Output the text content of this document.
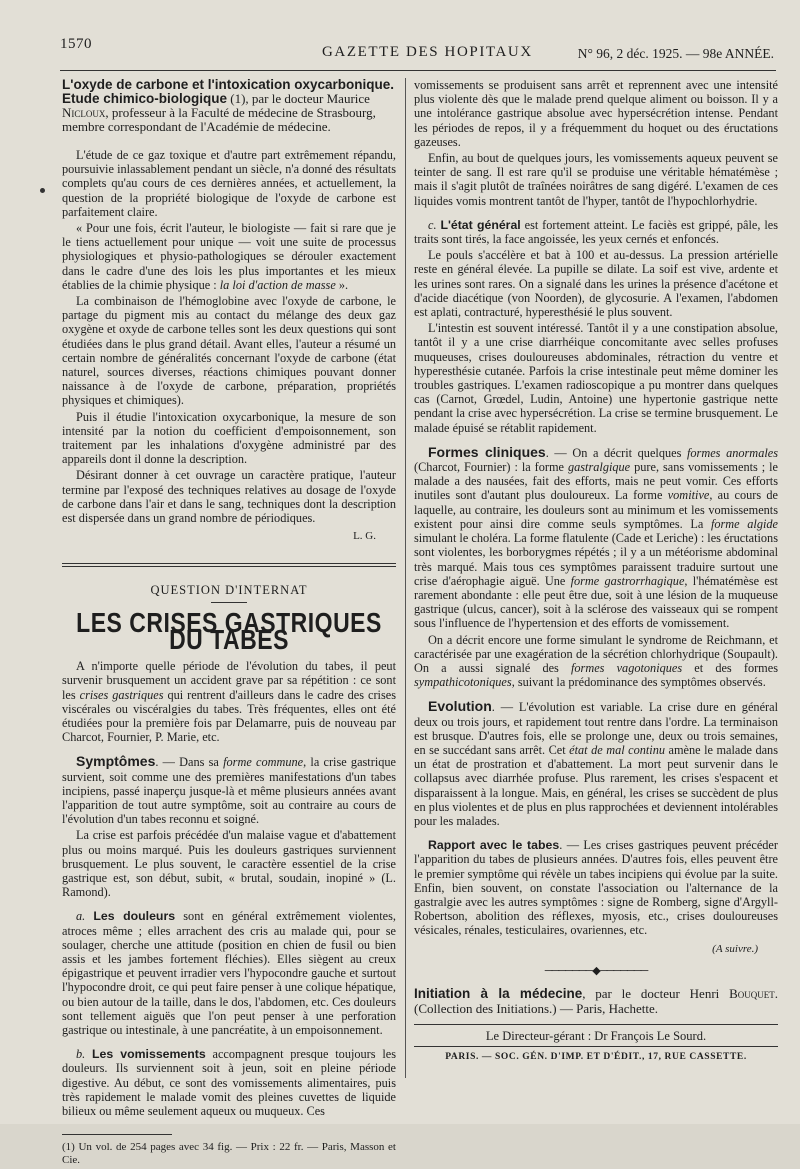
1570	GAZETTE DES HOPITAUX	N° 96, 2 déc. 1925. — 98e ANNÉE.

L'oxyde de carbone et l'intoxication oxycarbonique. Etude chimico-biologique (1), par le docteur Maurice Nicloux, professeur à la Faculté de médecine de Strasbourg, membre correspondant de l'Académie de médecine.

L'étude de ce gaz toxique et d'autre part extrêmement répandu, poursuivie inlassablement pendant un siècle, n'a donné des résultats complets qu'au cours de ces dernières années, et actuellement, la question de la propriété biologique de l'oxyde de carbone est parfaitement claire.

« Pour une fois, écrit l'auteur, le biologiste — fait si rare que je le tiens actuellement pour unique — voit une suite de processus physiologiques et physio-pathologiques se dérouler exactement dans le cadre d'une des lois les plus importantes et les mieux établies de la chimie physique : la loi d'action de masse ».

La combinaison de l'hémoglobine avec l'oxyde de carbone, le partage du pigment mis au contact du mélange des deux gaz oxygène et oxyde de carbone telles sont les deux questions qui sont étudiées dans le plus grand détail. Avant elles, l'auteur a résumé un certain nombre de généralités concernant l'oxyde de carbone (état naturel, sources diverses, réactions chimiques pouvant donner naissance à de l'oxyde de carbone, préparation, propriétés physiques et chimiques).

Puis il étudie l'intoxication oxycarbonique, la mesure de son intensité par la notion du coefficient d'empoisonnement, son traitement par les inhalations d'oxygène administré par des appareils dont il donne la description.

Désirant donner à cet ouvrage un caractère pratique, l'auteur termine par l'exposé des techniques relatives au dosage de l'oxyde de carbone dans l'air et dans le sang, techniques dont la description est dispersée dans un grand nombre de périodiques.

L. G.
QUESTION D'INTERNAT
LES CRISES GASTRIQUES DU TABES

A n'importe quelle période de l'évolution du tabes, il peut survenir brusquement un accident grave par sa répétition : ce sont les crises gastriques qui rentrent d'ailleurs dans le cadre des crises viscérales ou viscéralgies du tabes. Très fréquentes, elles ont été étudiées pour la première fois par Delamarre, puis de nouveau par Charcot, Fournier, P. Marie, etc.

Symptômes. — Dans sa forme commune, la crise gastrique survient, soit comme une des premières manifestations d'un tabes incipiens, passé inaperçu jusque-là et même plusieurs années avant l'apparition de tout autre symptôme, soit au contraire au cours de l'évolution d'un tabes reconnu et soigné.

La crise est parfois précédée d'un malaise vague et d'abattement plus ou moins marqué. Puis les douleurs gastriques surviennent brusquement. Le plus souvent, le caractère essentiel de la crise gastrique est, son début, subit, « brutal, soudain, inopiné » (L. Ramond).

a. Les douleurs sont en général extrêmement violentes, atroces même ; elles arrachent des cris au malade qui, pour se soulager, cherche une attitude (position en chien de fusil ou bien assis et les jambes fortement fléchies). Elles siègent au creux épigastrique et peuvent irradier vers l'hypocondre gauche et surtout l'hypocondre droit, ce qui peut faire penser à une colique hépatique, ou bien autour de la taille, dans le dos, l'abdomen, etc. Ces douleurs sont tellement aiguës que l'on peut penser à une perforation gastrique ou intestinale, à une pancréatite, à un empoisonnement.

b. Les vomissements accompagnent presque toujours les douleurs. Ils surviennent soit à jeun, soit en pleine période digestive. Au début, ce sont des vomissements alimentaires, puis très rapidement le malade vomit des pleines cuvettes de liquide bilieux ou même seulement aqueux ou muqueux. Ces

(1) Un vol. de 254 pages avec 34 fig. — Prix : 22 fr. — Paris, Masson et Cie.

vomissements se produisent sans arrêt et reprennent avec une intensité plus violente dès que le malade prend quelque aliment ou boisson. Il y a une intolérance gastrique absolue avec hypersécrétion intense. Pendant les périodes de repos, il y a fréquemment du hoquet ou des éructations gazeuses.

Enfin, au bout de quelques jours, les vomissements aqueux peuvent se teinter de sang. Il est rare qu'il se produise une véritable hématémèse ; mais il s'agit plutôt de traînées noirâtres de sang digéré. L'examen de ces liquides vomis montrent tantôt de l'hyper, tantôt de l'hypochlorhydrie.

c. L'état général est fortement atteint. Le faciès est grippé, pâle, les traits sont tirés, la face angoissée, les yeux cernés et enfoncés.

Le pouls s'accélère et bat à 100 et au-dessus. La pression artérielle reste en général élevée. La pupille se dilate. La soif est vive, ardente et les urines sont rares. On a signalé dans les urines la présence d'acétone et d'acide diacétique (von Noorden), de glycosurie. A l'examen, l'abdomen est aplati, contracturé, hyperesthésié le plus souvent.

L'intestin est souvent intéressé. Tantôt il y a une constipation absolue, tantôt il y a une crise diarrhéique concomitante avec selles profuses muqueuses, crises douloureuses abdominales, rétraction du ventre et hyperesthésie cutanée. Parfois la crise intestinale peut même dominer les troubles gastriques. L'examen radioscopique a pu montrer dans quelques cas (Carnot, Grœdel, Ludin, Antoine) une hypertonie gastrique nette pendant la crise avec hypersécrétion. La crise se termine brusquement. Le malade épuisé se rétablit rapidement.

Formes cliniques. — On a décrit quelques formes anormales (Charcot, Fournier) : la forme gastralgique pure, sans vomissements ; le malade a des nausées, fait des efforts, mais ne peut vomir. Ces efforts inutiles sont d'autant plus douloureux. La forme vomitive, au cours de laquelle, au contraire, les douleurs sont au minimum et les vomissements existent pour ainsi dire comme seuls symptômes. La forme algide simulant le choléra. La forme flatulente (Cade et Leriche) : les éructations sont violentes, les borborygmes répétés ; il y a un météorisme abdominal très marqué. Mais tous ces symptômes paraissent traduire surtout une crise d'aérophagie aiguë. Une forme gastrorrhagique, l'hématémèse est rarement abondante : elle peut être due, soit à une lésion de la muqueuse gastrique (ulcus, cancer), soit à la sclérose des vaisseaux qui se rompent sous l'influence de l'hypertension et des efforts de vomissement.

On a décrit encore une forme simulant le syndrome de Reichmann, et caractérisée par une exagération de la sécrétion chlorhydrique (Soupault). On a aussi signalé des formes vagotoniques et des formes sympathicotoniques, suivant la prédominance des symptômes observés.

Evolution. — L'évolution est variable. La crise dure en général deux ou trois jours, et rapidement tout rentre dans l'ordre. La terminaison est brusque. D'autres fois, elle se prolonge une, deux ou trois semaines, en se succédant sans arrêt. Cet état de mal continu amène le malade dans un état de prostration et d'abattement. La mort peut survenir dans le collapsus avec diarrhée profuse. Plus rarement, les crises s'espacent et disparaissent à la longue. Mais, en général, les crises se succèdent de plus en plus violentes et de plus en plus rapprochées et deviennent intolérables pour les malades.

Rapport avec le tabes. — Les crises gastriques peuvent précéder l'apparition du tabes de plusieurs années. D'autres fois, elles peuvent être le premier symptôme qui révèle un tabes incipiens qui évolue par la suite. Enfin, bien souvent, on constate l'association ou l'alternance de la gastralgie avec les autres symptômes : signe de Romberg, signe d'Argyll-Robertson, abolition des réflexes, myosis, etc., crises douloureuses vésicales, rénales, testiculaires, ovariennes, etc.

(A suivre.)
───────◆───────

Initiation à la médecine, par le docteur Henri Bouquet. (Collection des Initiations.) — Paris, Hachette.

Le Directeur-gérant : Dr François Le Sourd.
PARIS. — SOC. GÉN. D'IMP. ET D'ÉDIT., 17, RUE CASSETTE.
